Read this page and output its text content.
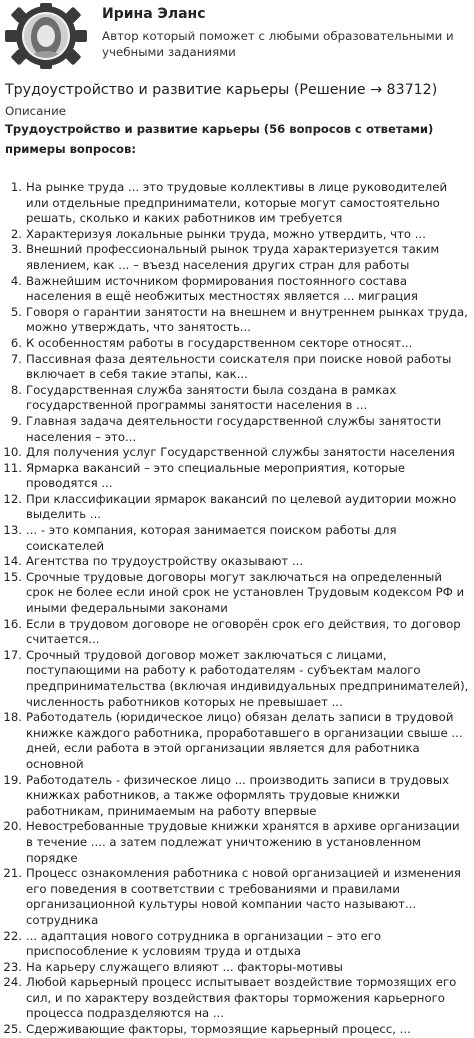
Ирина Эланс
Автор который поможет с любыми образовательными и учебными заданиями
Трудоустройство и развитие карьеры (Решение → 83712)
Описание
Трудоустройство и развитие карьеры (56 вопросов с ответами)
примеры вопросов:
1. На рынке труда ... это трудовые коллективы в лице руководителей или отдельные предприниматели, которые могут самостоятельно решать, сколько и каких работников им требуется
2. Характеризуя локальные рынки труда, можно утвердить, что ...
3. Внешний профессиональный рынок труда характеризуется таким явлением, как ... – въезд населения других стран для работы
4. Важнейшим источником формирования постоянного состава населения в ещё необжитых местностях является ... миграция
5. Говоря о гарантии занятости на внешнем и внутреннем рынках труда, можно утверждать, что занятость...
6. К особенностям работы в государственном секторе относят...
7. Пассивная фаза деятельности соискателя при поиске новой работы включает в себя такие этапы, как...
8. Государственная служба занятости была создана в рамках государственной программы занятости населения в ...
9. Главная задача деятельности государственной службы занятости населения – это...
10. Для получения услуг Государственной службы занятости населения
11. Ярмарка вакансий – это специальные мероприятия, которые проводятся ...
12. При классификации ярмарок вакансий по целевой аудитории можно выделить ...
13. ... - это компания, которая занимается поиском работы для соискателей
14. Агентства по трудоустройству оказывают ...
15. Срочные трудовые договоры могут заключаться на определенный срок не более если иной срок не установлен Трудовым кодексом РФ и иными федеральными законами
16. Если в трудовом договоре не оговорён срок его действия, то договор считается...
17. Срочный трудовой договор может заключаться с лицами, поступающими на работу к работодателям - субъектам малого предпринимательства (включая индивидуальных предпринимателей), численность работников которых не превышает ...
18. Работодатель (юридическое лицо) обязан делать записи в трудовой книжке каждого работника, проработавшего в организации свыше ... дней, если работа в этой организации является для работника основной
19. Работодатель - физическое лицо ... производить записи в трудовых книжках работников, а также оформлять трудовые книжки работникам, принимаемым на работу впервые
20. Невостребованные трудовые книжки хранятся в архиве организации в течение .... а затем подлежат уничтожению в установленном порядке
21. Процесс ознакомления работника с новой организацией и изменения его поведения в соответствии с требованиями и правилами организационной культуры новой компании часто называют... сотрудника
22. ... адаптация нового сотрудника в организации – это его приспособление к условиям труда и отдыха
23. На карьеру служащего влияют ... факторы-мотивы
24. Любой карьерный процесс испытывает воздействие тормозящих его сил, и по характеру воздействия факторы торможения карьерного процесса подразделяются на ...
25. Сдерживающие факторы, тормозящие карьерный процесс, ...
